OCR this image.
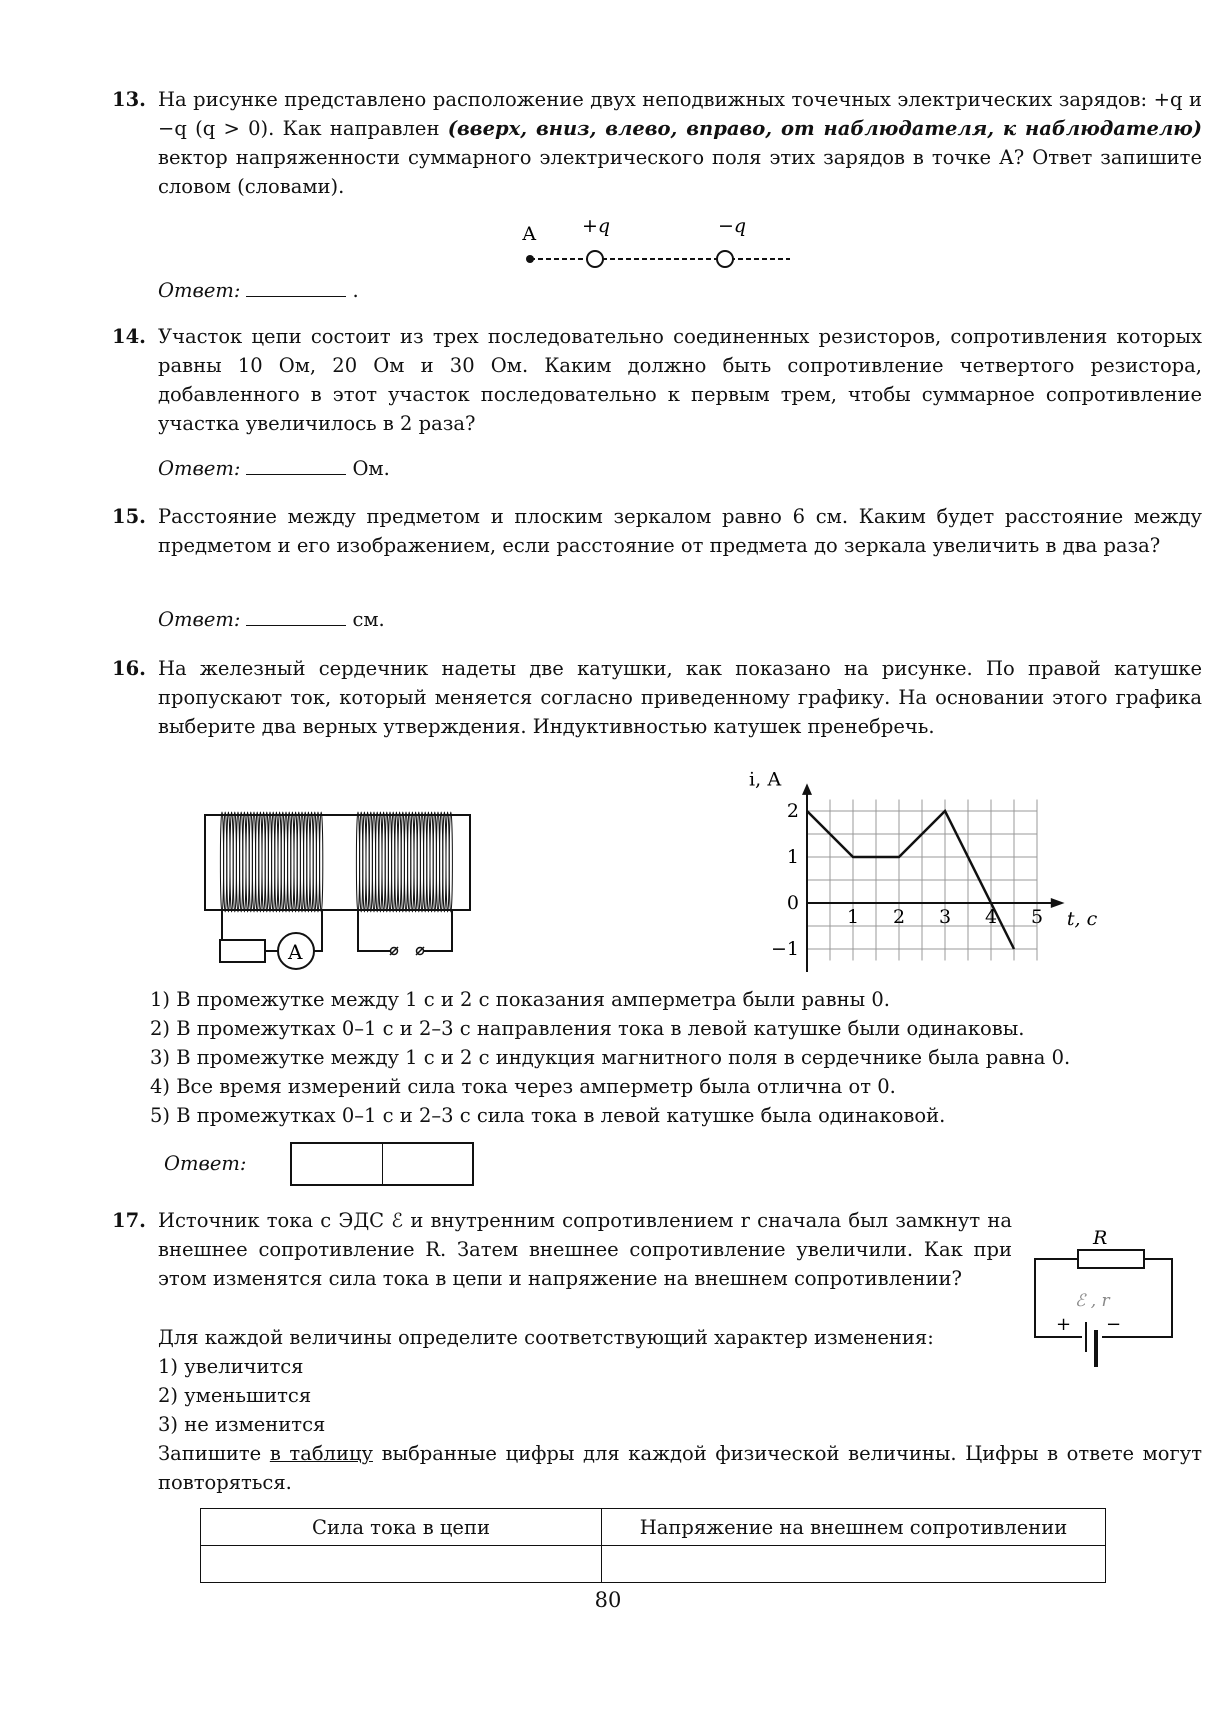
13. На рисунке представлено расположение двух неподвижных точечных электрических зарядов: +q и −q (q > 0). Как направлен (вверх, вниз, влево, вправо, от наблюдателя, к наблюдателю) вектор напряженности суммарного электрического поля этих зарядов в точке А? Ответ запишите словом (словами).

А +q	−q
Ответ:	.
14. Участок цепи состоит из трех последовательно соединенных резисторов, сопротивления которых равны 10 Ом, 20 Ом и 30 Ом. Каким должно быть сопротивление четвертого резистора, добавленного в этот участок последовательно к первым трем, чтобы суммарное сопротивление участка увеличилось в 2 раза?

Ответ:	Ом.
15. Расстояние между предметом и плоским зеркалом равно 6 см. Каким будет расстояние между предметом и его изображением, если расстояние от предмета до зеркала увеличить в два раза?

Ответ:	см.
16. На железный сердечник надеты две катушки, как показано на рисунке. По правой катушке пропускают ток, который меняется согласно приведенному графику. На основании этого графика выберите два верных утверждения. Индуктивностью катушек пренебречь.

A
2
1
0
−1
1 2 3 4 5
i, А
t, с
1) В промежутке между 1 с и 2 с показания амперметра были равны 0.
2) В промежутках 0–1 с и 2–3 с направления тока в левой катушке были одинаковы.
3) В промежутке между 1 с и 2 с индукция магнитного поля в сердечнике была равна 0.
4) Все время измерений сила тока через амперметр была отлична от 0.
5) В промежутках 0–1 с и 2–3 с сила тока в левой катушке была одинаковой.
Ответ:
17. Источник тока с ЭДС ℰ и внутренним сопротивлением r сначала был замкнут на внешнее сопротивление R. Затем внешнее сопротивление увеличили. Как при этом изменятся сила тока в цепи и напряжение на внешнем сопротивлении?

Для каждой величины определите соответствующий характер изменения:

1) увеличится

2) уменьшится

3) не изменится

Запишите в таблицу выбранные цифры для каждой физической величины. Цифры в ответе могут повторяться.

R
ℰ , r
+ −
Сила тока в цепи	Напряжение на внешнем сопротивлении

80
